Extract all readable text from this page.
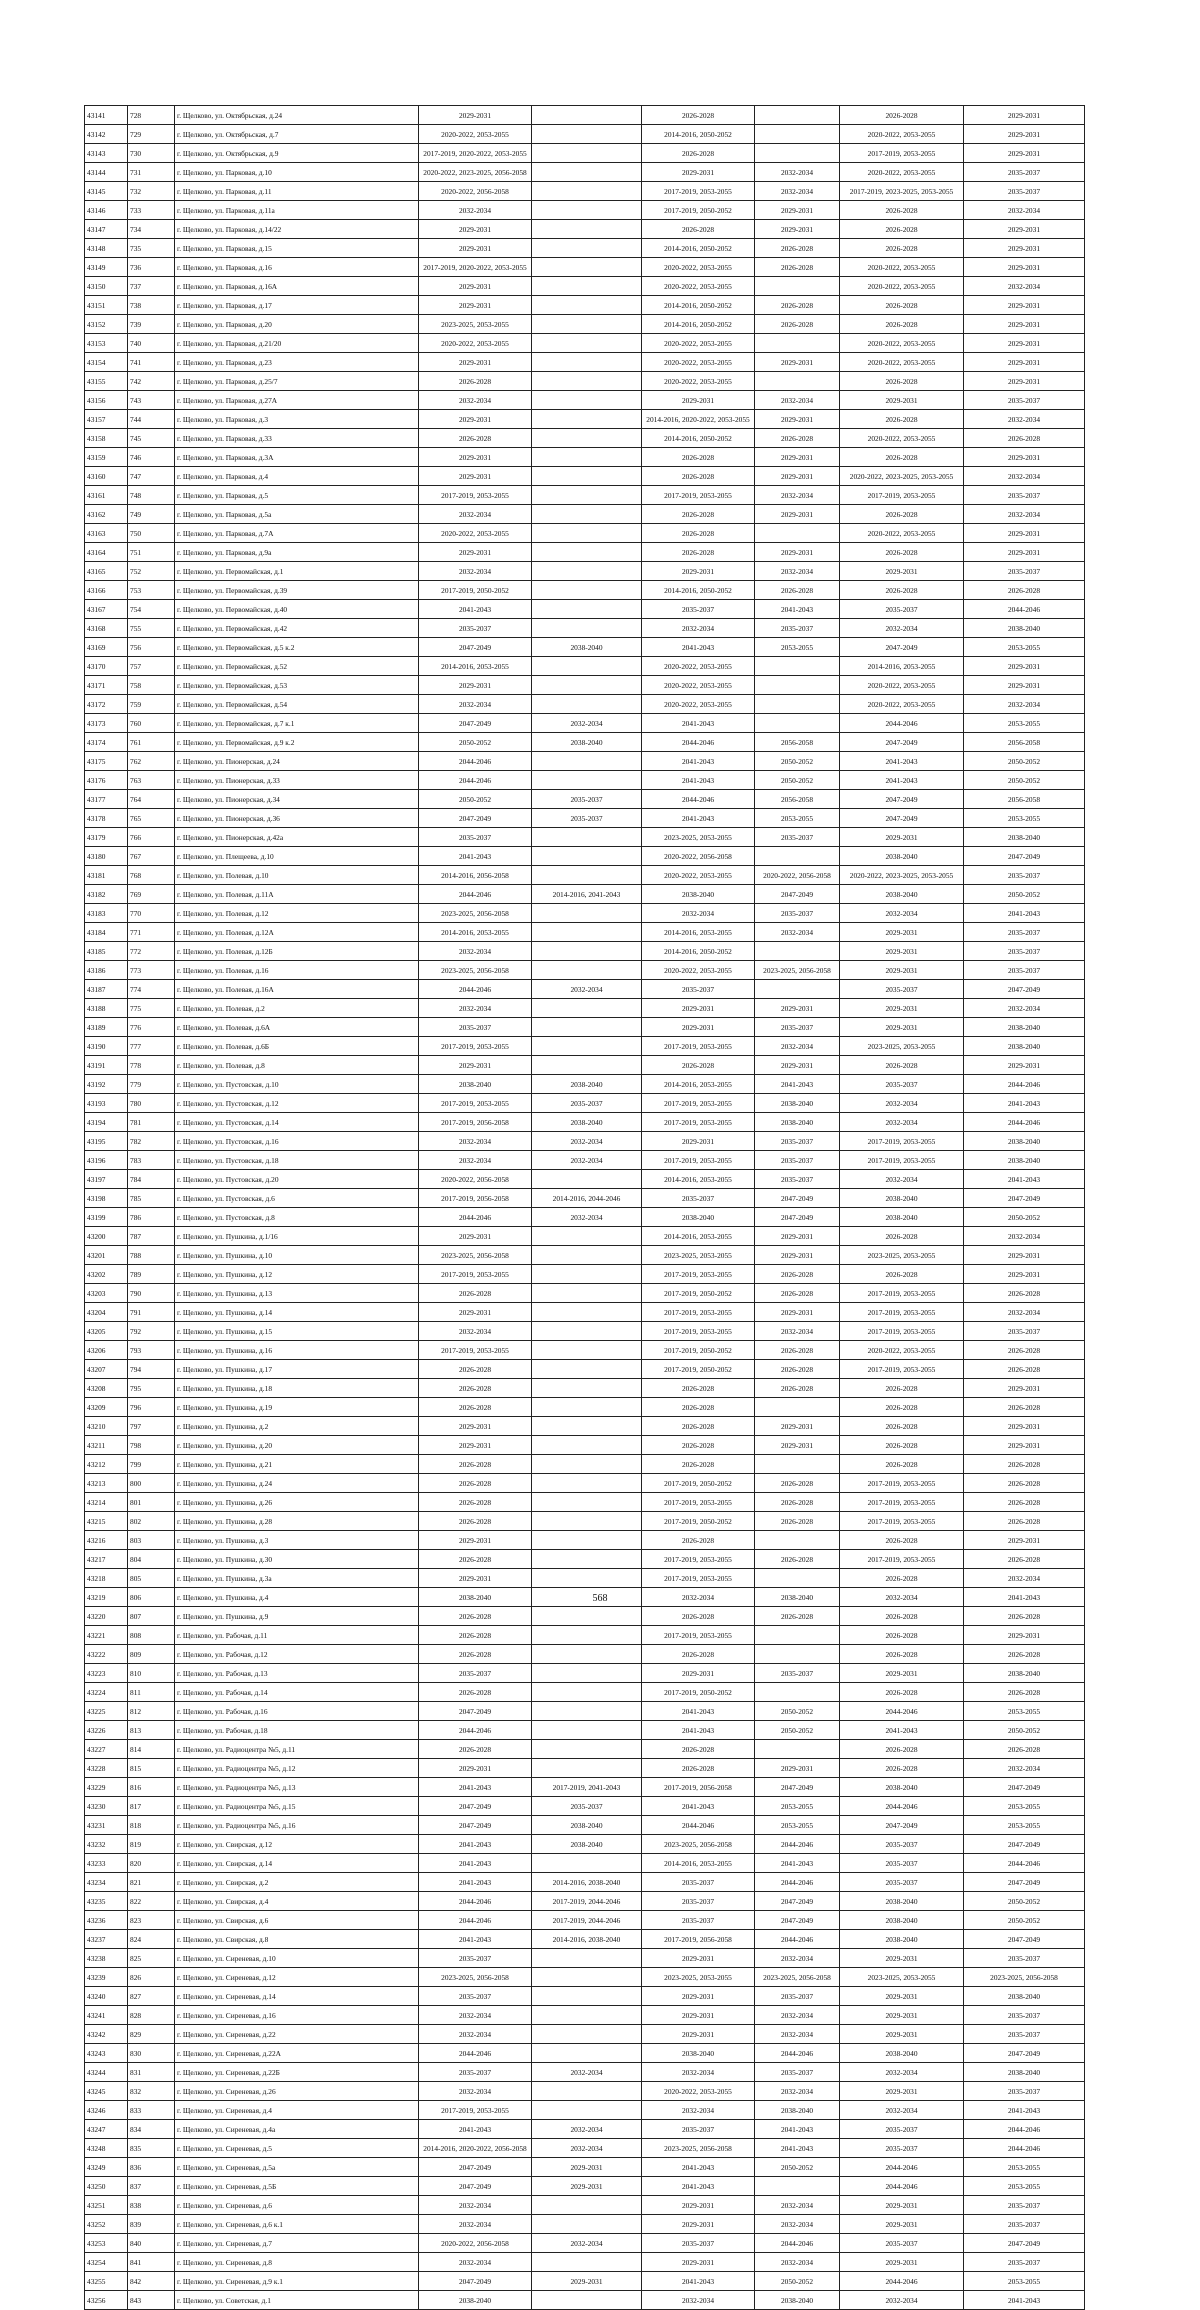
43141	728	г. Щелково, ул. Октябрьская, д.24	2029-2031		2026-2028		2026-2028	2029-2031
43142	729	г. Щелково, ул. Октябрьская, д.7	2020-2022, 2053-2055		2014-2016, 2050-2052		2020-2022, 2053-2055	2029-2031
43143	730	г. Щелково, ул. Октябрьская, д.9	2017-2019, 2020-2022, 2053-2055		2026-2028		2017-2019, 2053-2055	2029-2031
43144	731	г. Щелково, ул. Парковая, д.10	2020-2022, 2023-2025, 2056-2058		2029-2031	2032-2034	2020-2022, 2053-2055	2035-2037
43145	732	г. Щелково, ул. Парковая, д.11	2020-2022, 2056-2058		2017-2019, 2053-2055	2032-2034	2017-2019, 2023-2025, 2053-2055	2035-2037
43146	733	г. Щелково, ул. Парковая, д.11а	2032-2034		2017-2019, 2050-2052	2029-2031	2026-2028	2032-2034
43147	734	г. Щелково, ул. Парковая, д.14/22	2029-2031		2026-2028	2029-2031	2026-2028	2029-2031
43148	735	г. Щелково, ул. Парковая, д.15	2029-2031		2014-2016, 2050-2052	2026-2028	2026-2028	2029-2031
43149	736	г. Щелково, ул. Парковая, д.16	2017-2019, 2020-2022, 2053-2055		2020-2022, 2053-2055	2026-2028	2020-2022, 2053-2055	2029-2031
43150	737	г. Щелково, ул. Парковая, д.16А	2029-2031		2020-2022, 2053-2055		2020-2022, 2053-2055	2032-2034
43151	738	г. Щелково, ул. Парковая, д.17	2029-2031		2014-2016, 2050-2052	2026-2028	2026-2028	2029-2031
43152	739	г. Щелково, ул. Парковая, д.20	2023-2025, 2053-2055		2014-2016, 2050-2052	2026-2028	2026-2028	2029-2031
43153	740	г. Щелково, ул. Парковая, д.21/20	2020-2022, 2053-2055		2020-2022, 2053-2055		2020-2022, 2053-2055	2029-2031
43154	741	г. Щелково, ул. Парковая, д.23	2029-2031		2020-2022, 2053-2055	2029-2031	2020-2022, 2053-2055	2029-2031
43155	742	г. Щелково, ул. Парковая, д.25/7	2026-2028		2020-2022, 2053-2055		2026-2028	2029-2031
43156	743	г. Щелково, ул. Парковая, д.27А	2032-2034		2029-2031	2032-2034	2029-2031	2035-2037
43157	744	г. Щелково, ул. Парковая, д.3	2029-2031		2014-2016, 2020-2022, 2053-2055	2029-2031	2026-2028	2032-2034
43158	745	г. Щелково, ул. Парковая, д.33	2026-2028		2014-2016, 2050-2052	2026-2028	2020-2022, 2053-2055	2026-2028
43159	746	г. Щелково, ул. Парковая, д.3А	2029-2031		2026-2028	2029-2031	2026-2028	2029-2031
43160	747	г. Щелково, ул. Парковая, д.4	2029-2031		2026-2028	2029-2031	2020-2022, 2023-2025, 2053-2055	2032-2034
43161	748	г. Щелково, ул. Парковая, д.5	2017-2019, 2053-2055		2017-2019, 2053-2055	2032-2034	2017-2019, 2053-2055	2035-2037
43162	749	г. Щелково, ул. Парковая, д.5а	2032-2034		2026-2028	2029-2031	2026-2028	2032-2034
43163	750	г. Щелково, ул. Парковая, д.7А	2020-2022, 2053-2055		2026-2028		2020-2022, 2053-2055	2029-2031
43164	751	г. Щелково, ул. Парковая, д.9а	2029-2031		2026-2028	2029-2031	2026-2028	2029-2031
43165	752	г. Щелково, ул. Первомайская, д.1	2032-2034		2029-2031	2032-2034	2029-2031	2035-2037
43166	753	г. Щелково, ул. Первомайская, д.39	2017-2019, 2050-2052		2014-2016, 2050-2052	2026-2028	2026-2028	2026-2028
43167	754	г. Щелково, ул. Первомайская, д.40	2041-2043		2035-2037	2041-2043	2035-2037	2044-2046
43168	755	г. Щелково, ул. Первомайская, д.42	2035-2037		2032-2034	2035-2037	2032-2034	2038-2040
43169	756	г. Щелково, ул. Первомайская, д.5 к.2	2047-2049	2038-2040	2041-2043	2053-2055	2047-2049	2053-2055
43170	757	г. Щелково, ул. Первомайская, д.52	2014-2016, 2053-2055		2020-2022, 2053-2055		2014-2016, 2053-2055	2029-2031
43171	758	г. Щелково, ул. Первомайская, д.53	2029-2031		2020-2022, 2053-2055		2020-2022, 2053-2055	2029-2031
43172	759	г. Щелково, ул. Первомайская, д.54	2032-2034		2020-2022, 2053-2055		2020-2022, 2053-2055	2032-2034
43173	760	г. Щелково, ул. Первомайская, д.7 к.1	2047-2049	2032-2034	2041-2043		2044-2046	2053-2055
43174	761	г. Щелково, ул. Первомайская, д.9 к.2	2050-2052	2038-2040	2044-2046	2056-2058	2047-2049	2056-2058
43175	762	г. Щелково, ул. Пионерская, д.24	2044-2046		2041-2043	2050-2052	2041-2043	2050-2052
43176	763	г. Щелково, ул. Пионерская, д.33	2044-2046		2041-2043	2050-2052	2041-2043	2050-2052
43177	764	г. Щелково, ул. Пионерская, д.34	2050-2052	2035-2037	2044-2046	2056-2058	2047-2049	2056-2058
43178	765	г. Щелково, ул. Пионерская, д.36	2047-2049	2035-2037	2041-2043	2053-2055	2047-2049	2053-2055
43179	766	г. Щелково, ул. Пионерская, д.42а	2035-2037		2023-2025, 2053-2055	2035-2037	2029-2031	2038-2040
43180	767	г. Щелково, ул. Плещеева, д.10	2041-2043		2020-2022, 2056-2058		2038-2040	2047-2049
43181	768	г. Щелково, ул. Полевая, д.10	2014-2016, 2056-2058		2020-2022, 2053-2055	2020-2022, 2056-2058	2020-2022, 2023-2025, 2053-2055	2035-2037
43182	769	г. Щелково, ул. Полевая, д.11А	2044-2046	2014-2016, 2041-2043	2038-2040	2047-2049	2038-2040	2050-2052
43183	770	г. Щелково, ул. Полевая, д.12	2023-2025, 2056-2058		2032-2034	2035-2037	2032-2034	2041-2043
43184	771	г. Щелково, ул. Полевая, д.12А	2014-2016, 2053-2055		2014-2016, 2053-2055	2032-2034	2029-2031	2035-2037
43185	772	г. Щелково, ул. Полевая, д.12Б	2032-2034		2014-2016, 2050-2052		2029-2031	2035-2037
43186	773	г. Щелково, ул. Полевая, д.16	2023-2025, 2056-2058		2020-2022, 2053-2055	2023-2025, 2056-2058	2029-2031	2035-2037
43187	774	г. Щелково, ул. Полевая, д.16А	2044-2046	2032-2034	2035-2037		2035-2037	2047-2049
43188	775	г. Щелково, ул. Полевая, д.2	2032-2034		2029-2031	2029-2031	2029-2031	2032-2034
43189	776	г. Щелково, ул. Полевая, д.6А	2035-2037		2029-2031	2035-2037	2029-2031	2038-2040
43190	777	г. Щелково, ул. Полевая, д.6Б	2017-2019, 2053-2055		2017-2019, 2053-2055	2032-2034	2023-2025, 2053-2055	2038-2040
43191	778	г. Щелково, ул. Полевая, д.8	2029-2031		2026-2028	2029-2031	2026-2028	2029-2031
43192	779	г. Щелково, ул. Пустовская, д.10	2038-2040	2038-2040	2014-2016, 2053-2055	2041-2043	2035-2037	2044-2046
43193	780	г. Щелково, ул. Пустовская, д.12	2017-2019, 2053-2055	2035-2037	2017-2019, 2053-2055	2038-2040	2032-2034	2041-2043
43194	781	г. Щелково, ул. Пустовская, д.14	2017-2019, 2056-2058	2038-2040	2017-2019, 2053-2055	2038-2040	2032-2034	2044-2046
43195	782	г. Щелково, ул. Пустовская, д.16	2032-2034	2032-2034	2029-2031	2035-2037	2017-2019, 2053-2055	2038-2040
43196	783	г. Щелково, ул. Пустовская, д.18	2032-2034	2032-2034	2017-2019, 2053-2055	2035-2037	2017-2019, 2053-2055	2038-2040
43197	784	г. Щелково, ул. Пустовская, д.20	2020-2022, 2056-2058		2014-2016, 2053-2055	2035-2037	2032-2034	2041-2043
43198	785	г. Щелково, ул. Пустовская, д.6	2017-2019, 2056-2058	2014-2016, 2044-2046	2035-2037	2047-2049	2038-2040	2047-2049
43199	786	г. Щелково, ул. Пустовская, д.8	2044-2046	2032-2034	2038-2040	2047-2049	2038-2040	2050-2052
43200	787	г. Щелково, ул. Пушкина, д.1/16	2029-2031		2014-2016, 2053-2055	2029-2031	2026-2028	2032-2034
43201	788	г. Щелково, ул. Пушкина, д.10	2023-2025, 2056-2058		2023-2025, 2053-2055	2029-2031	2023-2025, 2053-2055	2029-2031
43202	789	г. Щелково, ул. Пушкина, д.12	2017-2019, 2053-2055		2017-2019, 2053-2055	2026-2028	2026-2028	2029-2031
43203	790	г. Щелково, ул. Пушкина, д.13	2026-2028		2017-2019, 2050-2052	2026-2028	2017-2019, 2053-2055	2026-2028
43204	791	г. Щелково, ул. Пушкина, д.14	2029-2031		2017-2019, 2053-2055	2029-2031	2017-2019, 2053-2055	2032-2034
43205	792	г. Щелково, ул. Пушкина, д.15	2032-2034		2017-2019, 2053-2055	2032-2034	2017-2019, 2053-2055	2035-2037
43206	793	г. Щелково, ул. Пушкина, д.16	2017-2019, 2053-2055		2017-2019, 2050-2052	2026-2028	2020-2022, 2053-2055	2026-2028
43207	794	г. Щелково, ул. Пушкина, д.17	2026-2028		2017-2019, 2050-2052	2026-2028	2017-2019, 2053-2055	2026-2028
43208	795	г. Щелково, ул. Пушкина, д.18	2026-2028		2026-2028	2026-2028	2026-2028	2029-2031
43209	796	г. Щелково, ул. Пушкина, д.19	2026-2028		2026-2028		2026-2028	2026-2028
43210	797	г. Щелково, ул. Пушкина, д.2	2029-2031		2026-2028	2029-2031	2026-2028	2029-2031
43211	798	г. Щелково, ул. Пушкина, д.20	2029-2031		2026-2028	2029-2031	2026-2028	2029-2031
43212	799	г. Щелково, ул. Пушкина, д.21	2026-2028		2026-2028		2026-2028	2026-2028
43213	800	г. Щелково, ул. Пушкина, д.24	2026-2028		2017-2019, 2050-2052	2026-2028	2017-2019, 2053-2055	2026-2028
43214	801	г. Щелково, ул. Пушкина, д.26	2026-2028		2017-2019, 2053-2055	2026-2028	2017-2019, 2053-2055	2026-2028
43215	802	г. Щелково, ул. Пушкина, д.28	2026-2028		2017-2019, 2050-2052	2026-2028	2017-2019, 2053-2055	2026-2028
43216	803	г. Щелково, ул. Пушкина, д.3	2029-2031		2026-2028		2026-2028	2029-2031
43217	804	г. Щелково, ул. Пушкина, д.30	2026-2028		2017-2019, 2053-2055	2026-2028	2017-2019, 2053-2055	2026-2028
43218	805	г. Щелково, ул. Пушкина, д.3а	2029-2031		2017-2019, 2053-2055		2026-2028	2032-2034
43219	806	г. Щелково, ул. Пушкина, д.4	2038-2040		2032-2034	2038-2040	2032-2034	2041-2043
43220	807	г. Щелково, ул. Пушкина, д.9	2026-2028		2026-2028	2026-2028	2026-2028	2026-2028
43221	808	г. Щелково, ул. Рабочая, д.11	2026-2028		2017-2019, 2053-2055		2026-2028	2029-2031
43222	809	г. Щелково, ул. Рабочая, д.12	2026-2028		2026-2028		2026-2028	2026-2028
43223	810	г. Щелково, ул. Рабочая, д.13	2035-2037		2029-2031	2035-2037	2029-2031	2038-2040
43224	811	г. Щелково, ул. Рабочая, д.14	2026-2028		2017-2019, 2050-2052		2026-2028	2026-2028
43225	812	г. Щелково, ул. Рабочая, д.16	2047-2049		2041-2043	2050-2052	2044-2046	2053-2055
43226	813	г. Щелково, ул. Рабочая, д.18	2044-2046		2041-2043	2050-2052	2041-2043	2050-2052
43227	814	г. Щелково, ул. Радиоцентра №5, д.11	2026-2028		2026-2028		2026-2028	2026-2028
43228	815	г. Щелково, ул. Радиоцентра №5, д.12	2029-2031		2026-2028	2029-2031	2026-2028	2032-2034
43229	816	г. Щелково, ул. Радиоцентра №5, д.13	2041-2043	2017-2019, 2041-2043	2017-2019, 2056-2058	2047-2049	2038-2040	2047-2049
43230	817	г. Щелково, ул. Радиоцентра №5, д.15	2047-2049	2035-2037	2041-2043	2053-2055	2044-2046	2053-2055
43231	818	г. Щелково, ул. Радиоцентра №5, д.16	2047-2049	2038-2040	2044-2046	2053-2055	2047-2049	2053-2055
43232	819	г. Щелково, ул. Свирская, д.12	2041-2043	2038-2040	2023-2025, 2056-2058	2044-2046	2035-2037	2047-2049
43233	820	г. Щелково, ул. Свирская, д.14	2041-2043		2014-2016, 2053-2055	2041-2043	2035-2037	2044-2046
43234	821	г. Щелково, ул. Свирская, д.2	2041-2043	2014-2016, 2038-2040	2035-2037	2044-2046	2035-2037	2047-2049
43235	822	г. Щелково, ул. Свирская, д.4	2044-2046	2017-2019, 2044-2046	2035-2037	2047-2049	2038-2040	2050-2052
43236	823	г. Щелково, ул. Свирская, д.6	2044-2046	2017-2019, 2044-2046	2035-2037	2047-2049	2038-2040	2050-2052
43237	824	г. Щелково, ул. Свирская, д.8	2041-2043	2014-2016, 2038-2040	2017-2019, 2056-2058	2044-2046	2038-2040	2047-2049
43238	825	г. Щелково, ул. Сиреневая, д.10	2035-2037		2029-2031	2032-2034	2029-2031	2035-2037
43239	826	г. Щелково, ул. Сиреневая, д.12	2023-2025, 2056-2058		2023-2025, 2053-2055	2023-2025, 2056-2058	2023-2025, 2053-2055	2023-2025, 2056-2058
43240	827	г. Щелково, ул. Сиреневая, д.14	2035-2037		2029-2031	2035-2037	2029-2031	2038-2040
43241	828	г. Щелково, ул. Сиреневая, д.16	2032-2034		2029-2031	2032-2034	2029-2031	2035-2037
43242	829	г. Щелково, ул. Сиреневая, д.22	2032-2034		2029-2031	2032-2034	2029-2031	2035-2037
43243	830	г. Щелково, ул. Сиреневая, д.22А	2044-2046		2038-2040	2044-2046	2038-2040	2047-2049
43244	831	г. Щелково, ул. Сиреневая, д.22Б	2035-2037	2032-2034	2032-2034	2035-2037	2032-2034	2038-2040
43245	832	г. Щелково, ул. Сиреневая, д.26	2032-2034		2020-2022, 2053-2055	2032-2034	2029-2031	2035-2037
43246	833	г. Щелково, ул. Сиреневая, д.4	2017-2019, 2053-2055		2032-2034	2038-2040	2032-2034	2041-2043
43247	834	г. Щелково, ул. Сиреневая, д.4а	2041-2043	2032-2034	2035-2037	2041-2043	2035-2037	2044-2046
43248	835	г. Щелково, ул. Сиреневая, д.5	2014-2016, 2020-2022, 2056-2058	2032-2034	2023-2025, 2056-2058	2041-2043	2035-2037	2044-2046
43249	836	г. Щелково, ул. Сиреневая, д.5а	2047-2049	2029-2031	2041-2043	2050-2052	2044-2046	2053-2055
43250	837	г. Щелково, ул. Сиреневая, д.5Б	2047-2049	2029-2031	2041-2043		2044-2046	2053-2055
43251	838	г. Щелково, ул. Сиреневая, д.6	2032-2034		2029-2031	2032-2034	2029-2031	2035-2037
43252	839	г. Щелково, ул. Сиреневая, д.6 к.1	2032-2034		2029-2031	2032-2034	2029-2031	2035-2037
43253	840	г. Щелково, ул. Сиреневая, д.7	2020-2022, 2056-2058	2032-2034	2035-2037	2044-2046	2035-2037	2047-2049
43254	841	г. Щелково, ул. Сиреневая, д.8	2032-2034		2029-2031	2032-2034	2029-2031	2035-2037
43255	842	г. Щелково, ул. Сиреневая, д.9 к.1	2047-2049	2029-2031	2041-2043	2050-2052	2044-2046	2053-2055
43256	843	г. Щелково, ул. Советская, д.1	2038-2040		2032-2034	2038-2040	2032-2034	2041-2043
568
